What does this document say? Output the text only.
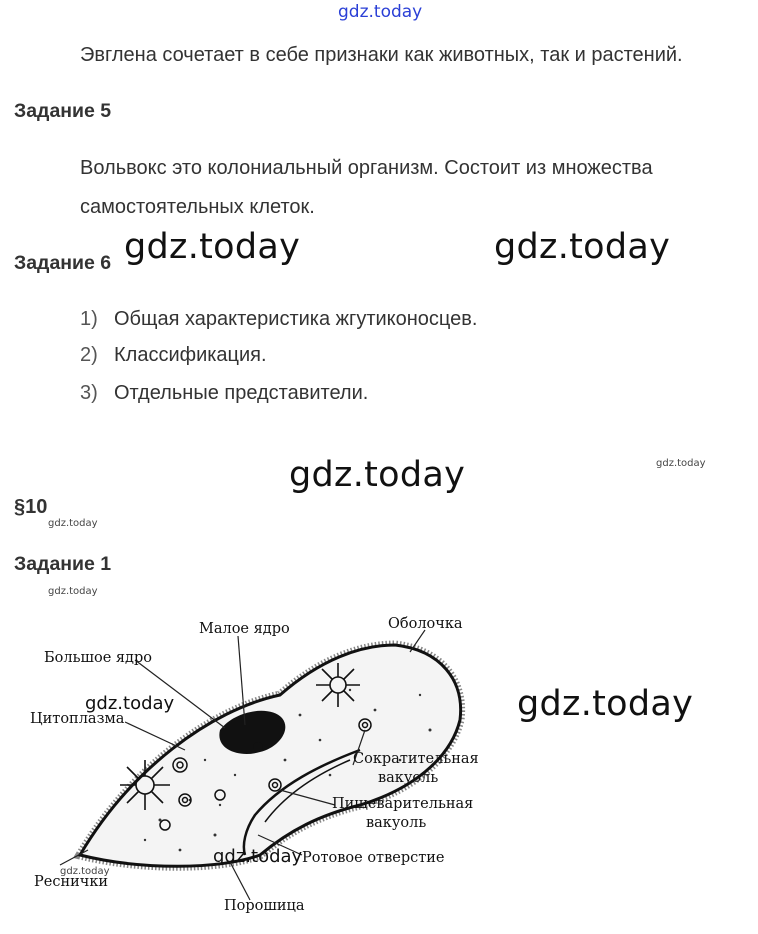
gdz.today
Эвглена сочетает в себе признаки как животных, так и растений.
Задание 5
Вольвокс это колониальный организм. Состоит из множества
самостоятельных клеток.
Задание 6 gdz.today	gdz.today
1) Общая характеристика жгутиконосцев.
2) Классификация.
3) Отдельные представители.
gdz.today	gdz.today
§10
gdz.today
Задание 1
gdz.today
Малое ядро	Оболочка
Большое ядро
gdz.today
Цитоплазма
Сократительная
вакуоль
Пищеварительная
вакуоль
gdz.today Ротовое отверстие
gdz.today
Реснички
Порошица
gdz.today
